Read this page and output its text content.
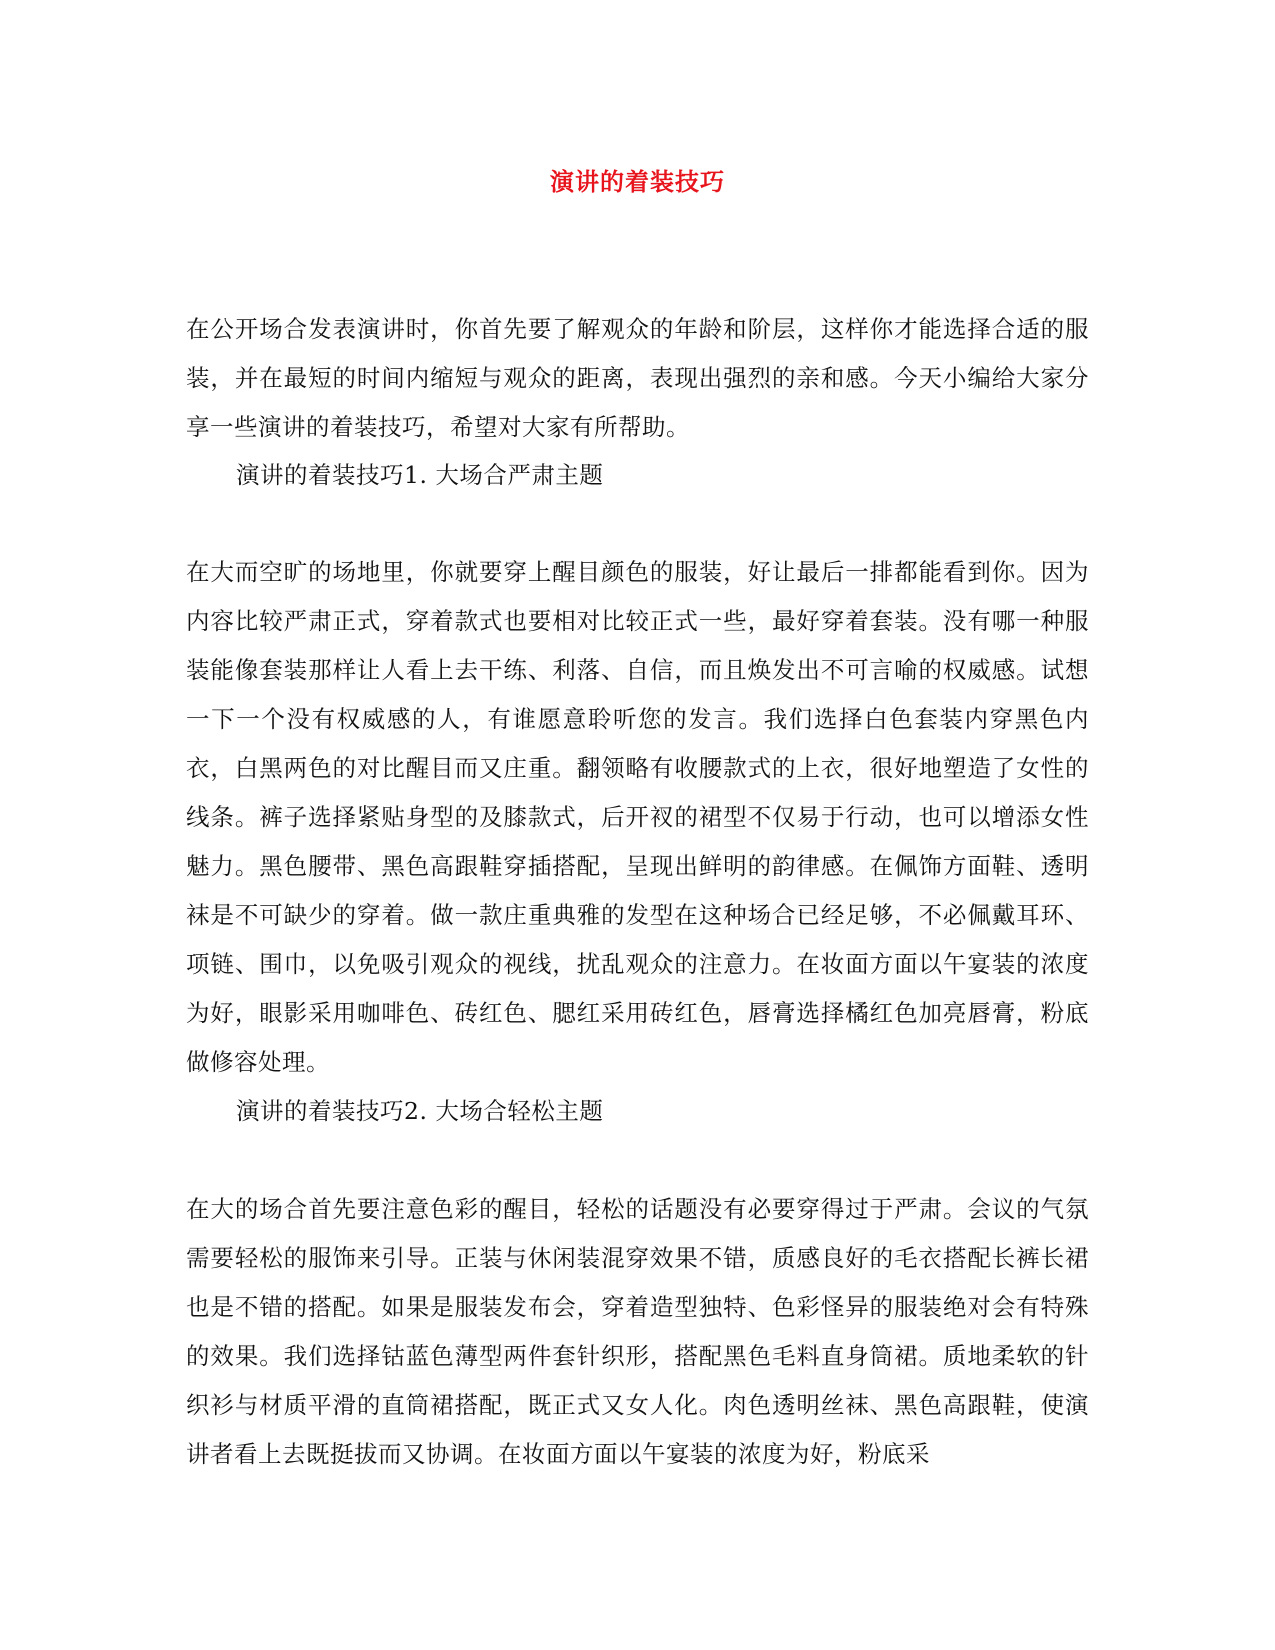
演讲的着装技巧
在公开场合发表演讲时，你首先要了解观众的年龄和阶层，这样你才能选择合适的服装，并在最短的时间内缩短与观众的距离，表现出强烈的亲和感。今天小编给大家分享一些演讲的着装技巧，希望对大家有所帮助。
演讲的着装技巧1. 大场合严肃主题
在大而空旷的场地里，你就要穿上醒目颜色的服装，好让最后一排都能看到你。因为内容比较严肃正式，穿着款式也要相对比较正式一些，最好穿着套装。没有哪一种服装能像套装那样让人看上去干练、利落、自信，而且焕发出不可言喻的权威感。试想一下一个没有权威感的人，有谁愿意聆听您的发言。我们选择白色套装内穿黑色内衣，白黑两色的对比醒目而又庄重。翻领略有收腰款式的上衣，很好地塑造了女性的线条。裤子选择紧贴身型的及膝款式，后开衩的裙型不仅易于行动，也可以增添女性魅力。黑色腰带、黑色高跟鞋穿插搭配，呈现出鲜明的韵律感。在佩饰方面鞋、透明袜是不可缺少的穿着。做一款庄重典雅的发型在这种场合已经足够，不必佩戴耳环、项链、围巾，以免吸引观众的视线，扰乱观众的注意力。在妆面方面以午宴装的浓度为好，眼影采用咖啡色、砖红色、腮红采用砖红色，唇膏选择橘红色加亮唇膏，粉底做修容处理。
演讲的着装技巧2. 大场合轻松主题
在大的场合首先要注意色彩的醒目，轻松的话题没有必要穿得过于严肃。会议的气氛需要轻松的服饰来引导。正装与休闲装混穿效果不错，质感良好的毛衣搭配长裤长裙也是不错的搭配。如果是服装发布会，穿着造型独特、色彩怪异的服装绝对会有特殊的效果。我们选择钴蓝色薄型两件套针织形，搭配黑色毛料直身筒裙。质地柔软的针织衫与材质平滑的直筒裙搭配，既正式又女人化。肉色透明丝袜、黑色高跟鞋，使演讲者看上去既挺拔而又协调。在妆面方面以午宴装的浓度为好，粉底采
